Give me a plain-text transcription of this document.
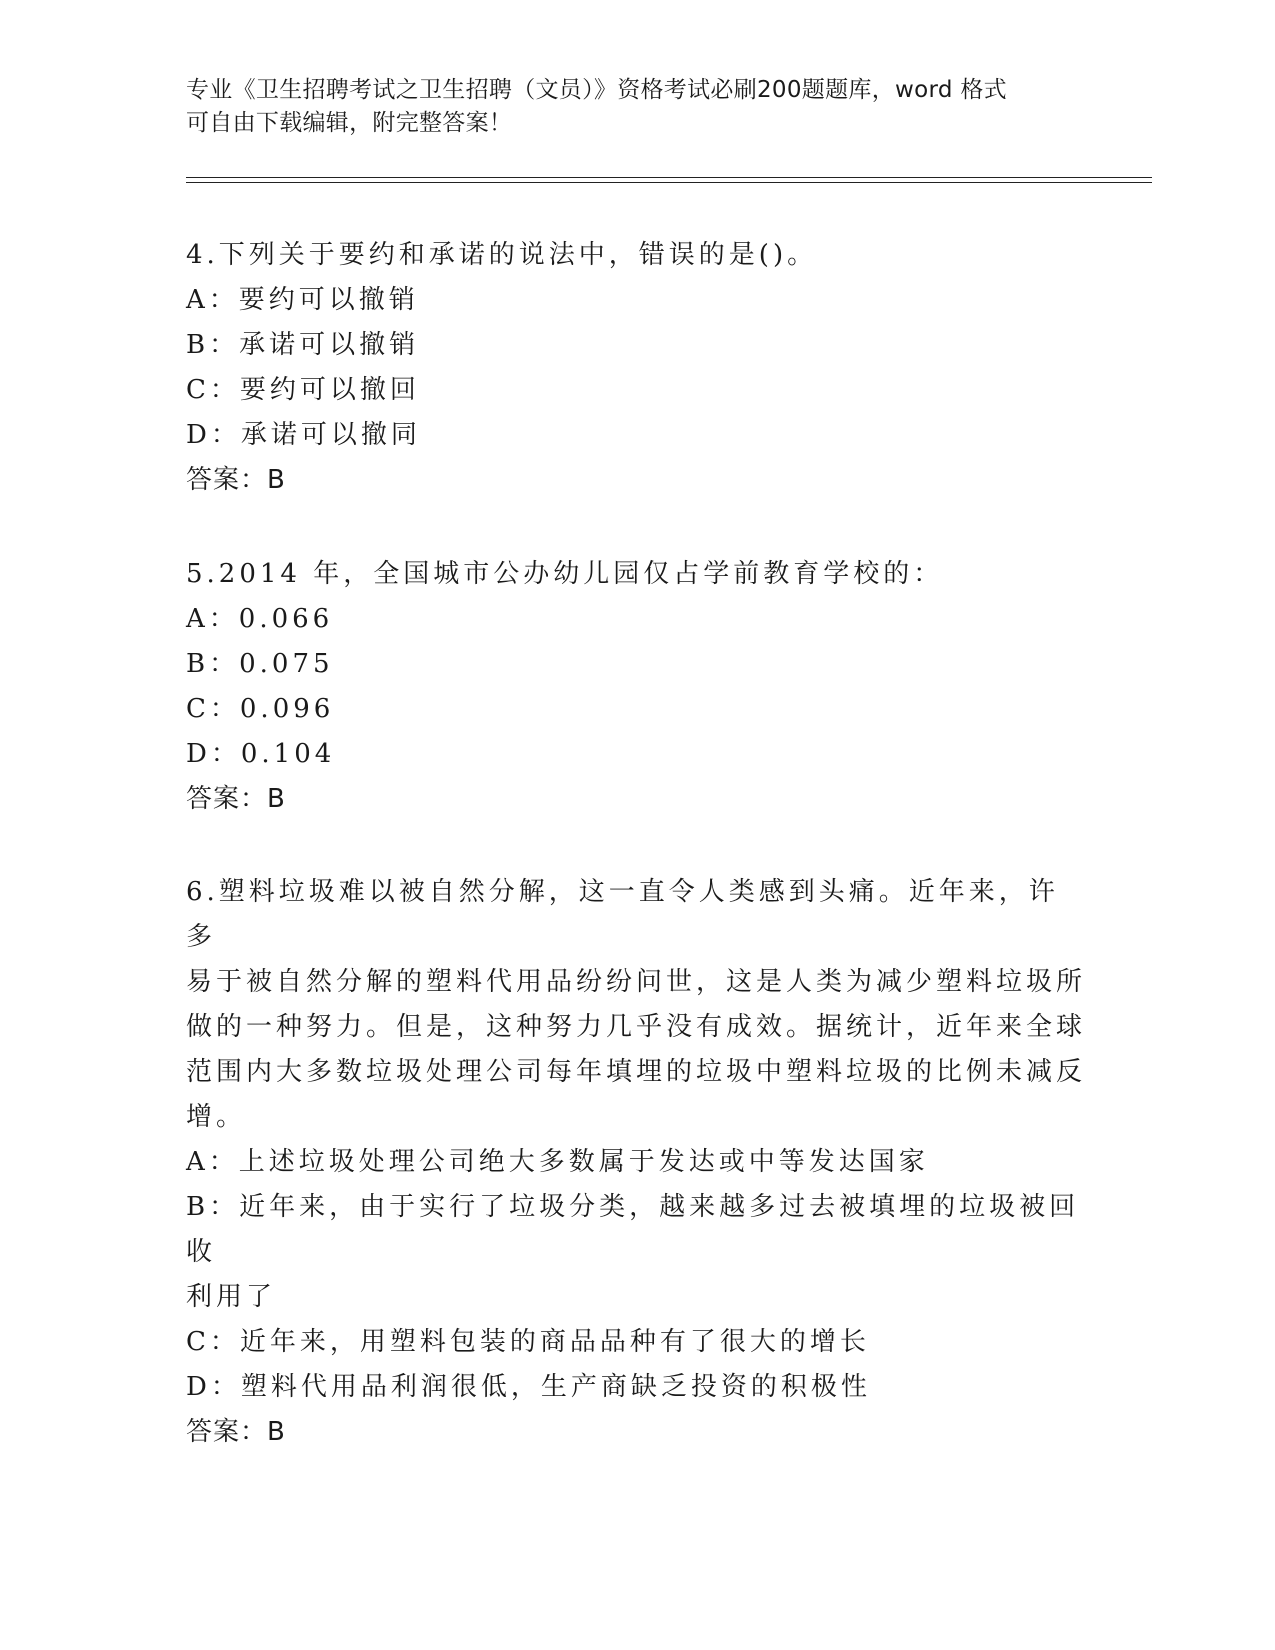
专业《卫生招聘考试之卫生招聘（文员）》资格考试必刷200题题库，word 格式
可自由下载编辑，附完整答案！

4.下列关于要约和承诺的说法中，错误的是()。

A：要约可以撤销

B：承诺可以撤销

C：要约可以撤回

D：承诺可以撤同

答案：B

5.2014 年，全国城市公办幼儿园仅占学前教育学校的：

A：0.066

B：0.075

C：0.096

D：0.104

答案：B

6.塑料垃圾难以被自然分解，这一直令人类感到头痛。近年来，许多

易于被自然分解的塑料代用品纷纷问世，这是人类为减少塑料垃圾所

做的一种努力。但是，这种努力几乎没有成效。据统计，近年来全球

范围内大多数垃圾处理公司每年填埋的垃圾中塑料垃圾的比例未减反

增。

A：上述垃圾处理公司绝大多数属于发达或中等发达国家

B：近年来，由于实行了垃圾分类，越来越多过去被填埋的垃圾被回收

利用了

C：近年来，用塑料包装的商品品种有了很大的增长

D：塑料代用品利润很低，生产商缺乏投资的积极性

答案：B
